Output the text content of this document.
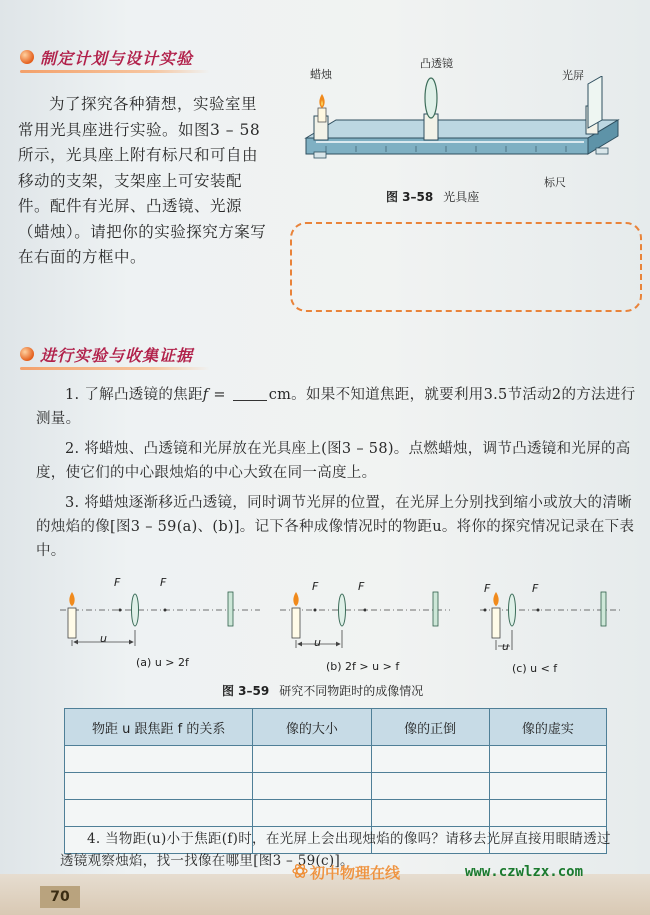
制定计划与设计实验

为了探究各种猜想，实验室里常用光具座进行实验。如图3 – 58所示，光具座上附有标尺和可自由移动的支架，支架座上可安装配件。配件有光屏、凸透镜、光源（蜡烛）。请把你的实验探究方案写在右面的方框中。

蜡烛
凸透镜
光屏
标尺
图 3–58 光具座
进行实验与收集证据
1. 了解凸透镜的焦距f =	cm。如果不知道焦距，就要利用3.5节活动2的方法进行测量。
2. 将蜡烛、凸透镜和光屏放在光具座上(图3 – 58)。点燃蜡烛，调节凸透镜和光屏的高度，使它们的中心跟烛焰的中心大致在同一高度上。
3. 将蜡烛逐渐移近凸透镜，同时调节光屏的位置，在光屏上分别找到缩小或放大的清晰的烛焰的像[图3 – 59(a)、(b)]。记下各种成像情况时的物距u。将你的探究情况记录在下表中。
F	F
u
F	F
u
F	F
u
(a) u > 2f	(b) 2f > u > f	(c) u < f
图 3–59 研究不同物距时的成像情况
物距 u 跟焦距 f 的关系	像的大小	像的正倒	像的虚实

4. 当物距(u)小于焦距(f)时，在光屏上会出现烛焰的像吗？请移去光屏直接用眼睛透过透镜观察烛焰，找一找像在哪里[图3 – 59(c)]。
70
初中物理在线	www.czwlzx.com
